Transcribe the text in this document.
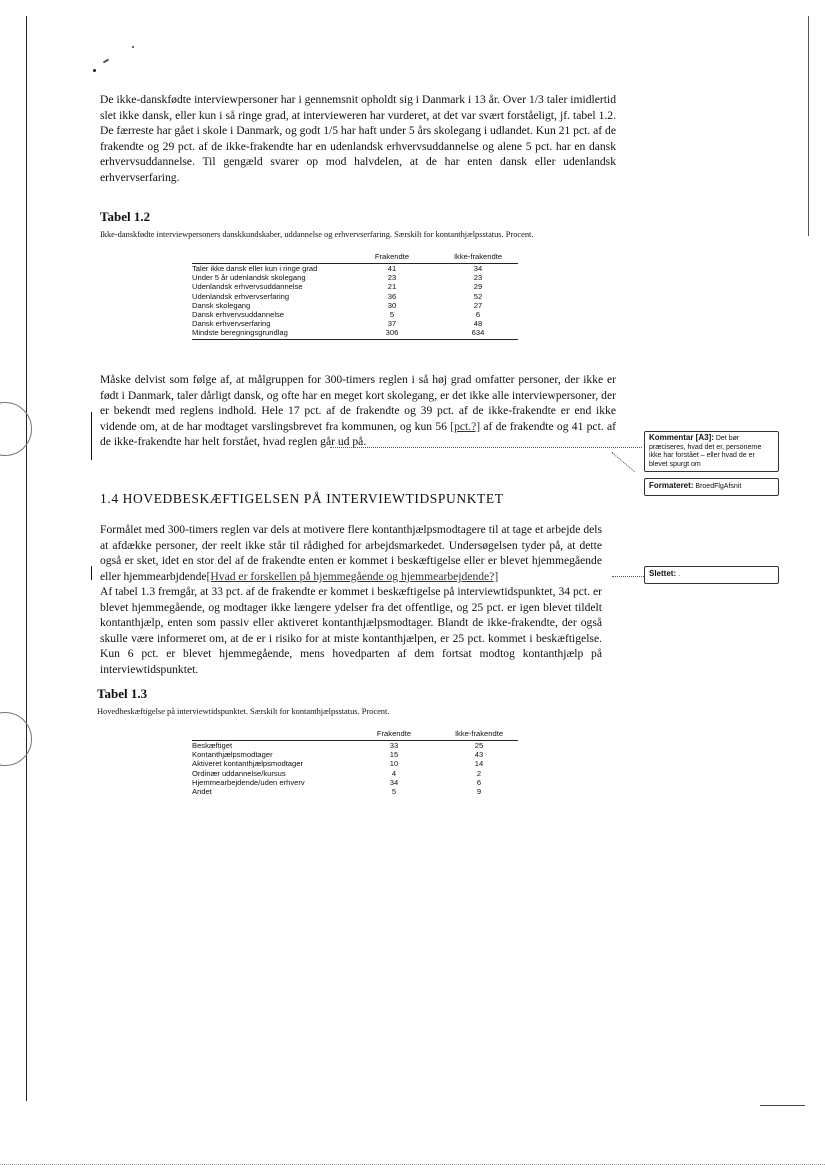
De ikke-danskfødte interviewpersoner har i gennemsnit opholdt sig i Danmark i 13 år. Over 1/3 taler imidlertid slet ikke dansk, eller kun i så ringe grad, at intervieweren har vurderet, at det var svært forståeligt, jf. tabel 1.2. De færreste har gået i skole i Danmark, og godt 1/5 har haft under 5 års skolegang i udlandet. Kun 21 pct. af de frakendte og 29 pct. af de ikke-frakendte har en udenlandsk erhvervsuddannelse og alene 5 pct. har en dansk erhvervsuddannelse. Til gengæld svarer op mod halvdelen, at de har enten dansk eller udenlandsk erhvervserfaring.
Tabel 1.2
Ikke-danskfødte interviewpersoners danskkundskaber, uddannelse og erhvervserfaring. Særskilt for kontanthjælpsstatus. Procent.
	Frakendte	Ikke-frakendte
Taler ikke dansk eller kun i ringe grad	41	34
Under 5 år udenlandsk skolegang	23	23
Udenlandsk erhvervsuddannelse	21	29
Udenlandsk erhvervserfaring	36	52
Dansk skolegang	30	27
Dansk erhvervsuddannelse	5	6
Dansk erhvervserfaring	37	48
Mindste beregningsgrundlag	306	634
Måske delvist som følge af, at målgruppen for 300-timers reglen i så høj grad omfatter personer, der ikke er født i Danmark, taler dårligt dansk, og ofte har en meget kort skolegang, er det ikke alle interviewpersoner, der er bekendt med reglens indhold. Hele 17 pct. af de frakendte og 39 pct. af de ikke-frakendte er end ikke vidende om, at de har modtaget varslingsbrevet fra kommunen, og kun 56 [pct.?] af de frakendte og 41 pct. af de ikke-frakendte har helt forstået, hvad reglen går ud på.	Kommentar [A3]: Det bør præciseres, hvad det er, personerne ikke har forstået – eller hvad de er blevet spurgt om
Formateret: BroedFlgAfsnit
1.4 HOVEDBESKÆFTIGELSEN PÅ INTERVIEWTIDSPUNKTET
Formålet med 300-timers reglen var dels at motivere flere kontanthjælpsmodtagere til at tage et arbejde dels at afdække personer, der reelt ikke står til rådighed for arbejdsmarkedet. Undersøgelsen tyder på, at dette også er sket, idet en stor del af de frakendte enten er kommet i beskæftigelse eller er blevet hjemmegående eller hjemmearbjdende[Hvad er forskellen på hjemmegående og hjemmearbejdende?]	Slettet: .
Af tabel 1.3 fremgår, at 33 pct. af de frakendte er kommet i beskæftigelse på interviewtidspunktet, 34 pct. er blevet hjemmegående, og modtager ikke længere ydelser fra det offentlige, og 25 pct. er igen blevet tildelt kontanthjælp, enten som passiv eller aktiveret kontanthjælpsmodtager. Blandt de ikke-frakendte, der også skulle være informeret om, at de er i risiko for at miste kontanthjælpen, er 25 pct. kommet i beskæftigelse. Kun 6 pct. er blevet hjemmegående, mens hovedparten af dem fortsat modtog kontanthjælp på interviewtidspunktet.
Tabel 1.3
Hovedbeskæftigelse på interviewtidspunktet. Særskilt for kontanthjælpsstatus. Procent.
	Frakendte	Ikke-frakendte
Beskæftiget	33	25
Kontanthjælpsmodtager	15	43
Aktiveret kontanthjælpsmodtager	10	14
Ordinær uddannelse/kursus	4	2
Hjemmearbejdende/uden erhverv	34	6
Andet	5	9
